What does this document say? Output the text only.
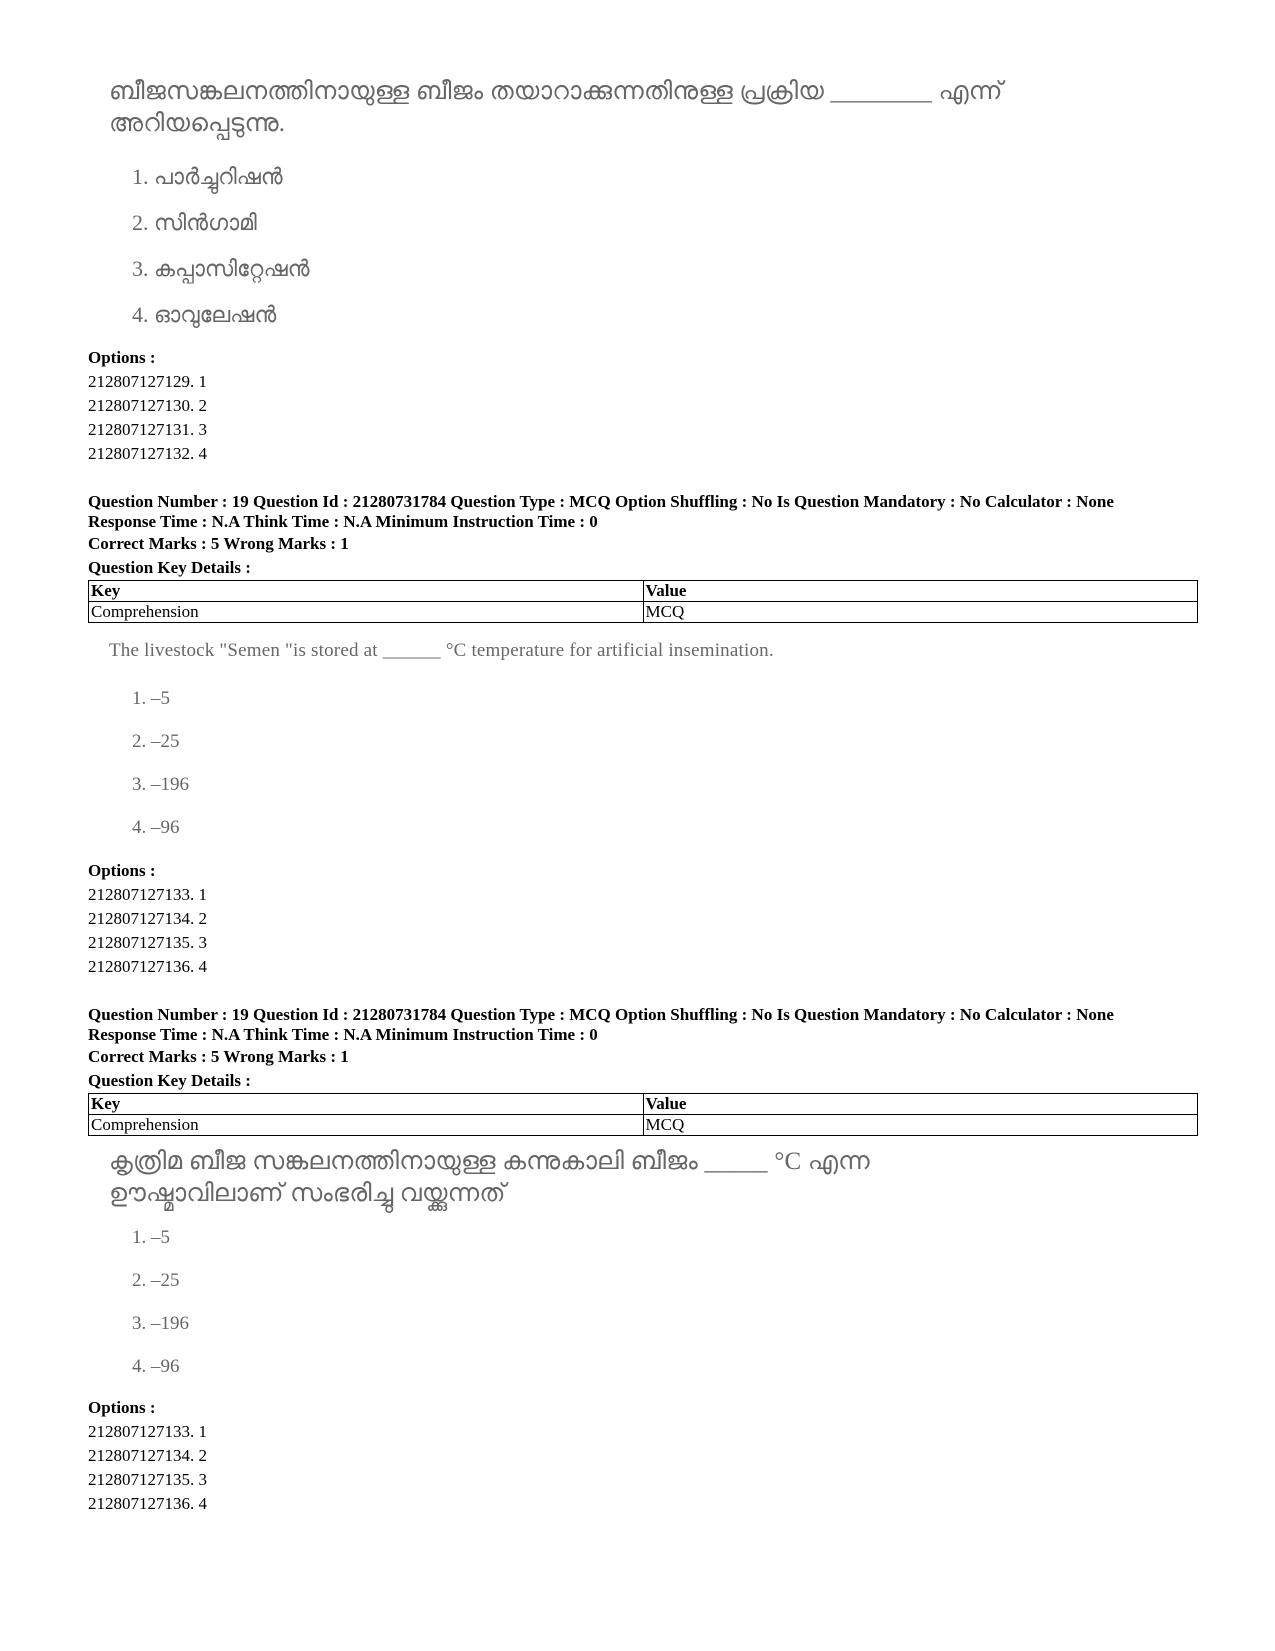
ബീജസങ്കലനത്തിനായുള്ള ബീജം തയാറാക്കുന്നതിനുള്ള പ്രക്രിയ ________ എന്ന്
അറിയപ്പെടുന്നു.
1. പാർച്ചുറിഷൻ
2. സിൻഗാമി
3. കപ്പാസിറ്റേഷൻ
4. ഓവുലേഷൻ
Options :
212807127129. 1
212807127130. 2
212807127131. 3
212807127132. 4
Question Number : 19 Question Id : 21280731784 Question Type : MCQ Option Shuffling : No Is Question Mandatory : No Calculator : None
Response Time : N.A Think Time : N.A Minimum Instruction Time : 0
Correct Marks : 5 Wrong Marks : 1
Question Key Details :
Key	Value
Comprehension	MCQ
The livestock "Semen "is stored at ______ °C temperature for artificial insemination.
1. –5
2. –25
3. –196
4. –96
Options :
212807127133. 1
212807127134. 2
212807127135. 3
212807127136. 4
Question Number : 19 Question Id : 21280731784 Question Type : MCQ Option Shuffling : No Is Question Mandatory : No Calculator : None
Response Time : N.A Think Time : N.A Minimum Instruction Time : 0
Correct Marks : 5 Wrong Marks : 1
Question Key Details :
Key	Value
Comprehension	MCQ
കൃത്രിമ ബീജ സങ്കലനത്തിനായുള്ള കന്നുകാലി ബീജം _____ °C എന്ന
ഊഷ്മാവിലാണ് സംഭരിച്ചു വയ്ക്കുന്നത്
1. –5
2. –25
3. –196
4. –96
Options :
212807127133. 1
212807127134. 2
212807127135. 3
212807127136. 4
